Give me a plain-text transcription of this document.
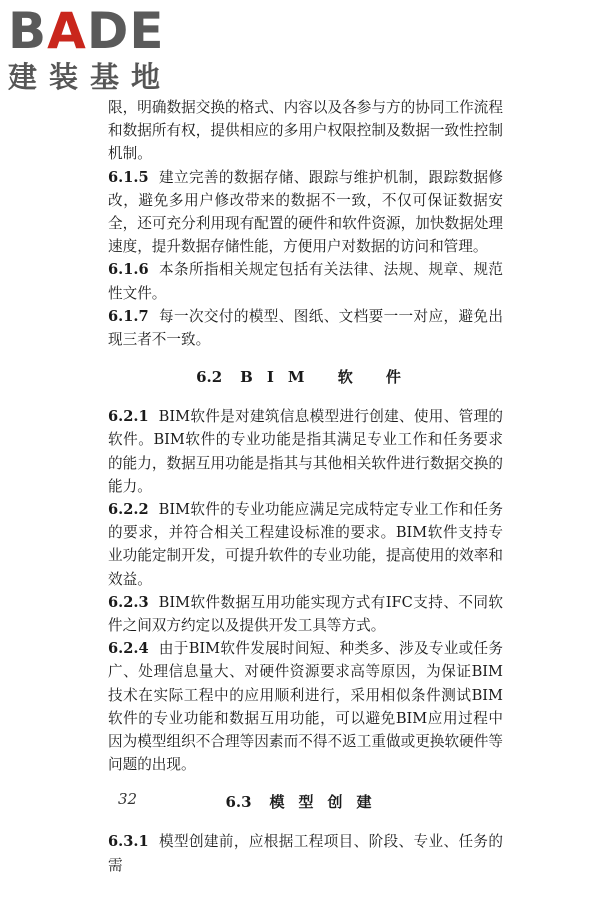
BADE
建装基地

限，明确数据交换的格式、内容以及各参与方的协同工作流程和数据所有权，提供相应的多用户权限控制及数据一致性控制机制。

6.1.5 建立完善的数据存储、跟踪与维护机制，跟踪数据修改，避免多用户修改带来的数据不一致，不仅可保证数据安全，还可充分利用现有配置的硬件和软件资源，加快数据处理速度，提升数据存储性能，方便用户对数据的访问和管理。

6.1.6 本条所指相关规定包括有关法律、法规、规章、规范性文件。

6.1.7 每一次交付的模型、图纸、文档要一一对应，避免出现三者不一致。

6.2 BIM 软 件

6.2.1 BIM软件是对建筑信息模型进行创建、使用、管理的软件。BIM软件的专业功能是指其满足专业工作和任务要求的能力，数据互用功能是指其与其他相关软件进行数据交换的能力。

6.2.2 BIM软件的专业功能应满足完成特定专业工作和任务的要求，并符合相关工程建设标准的要求。BIM软件支持专业功能定制开发，可提升软件的专业功能，提高使用的效率和效益。

6.2.3 BIM软件数据互用功能实现方式有IFC支持、不同软件之间双方约定以及提供开发工具等方式。

6.2.4 由于BIM软件发展时间短、种类多、涉及专业或任务广、处理信息量大、对硬件资源要求高等原因，为保证BIM技术在实际工程中的应用顺利进行，采用相似条件测试BIM软件的专业功能和数据互用功能，可以避免BIM应用过程中因为模型组织不合理等因素而不得不返工重做或更换软硬件等问题的出现。

6.3 模型创建

6.3.1 模型创建前，应根据工程项目、阶段、专业、任务的需

32
